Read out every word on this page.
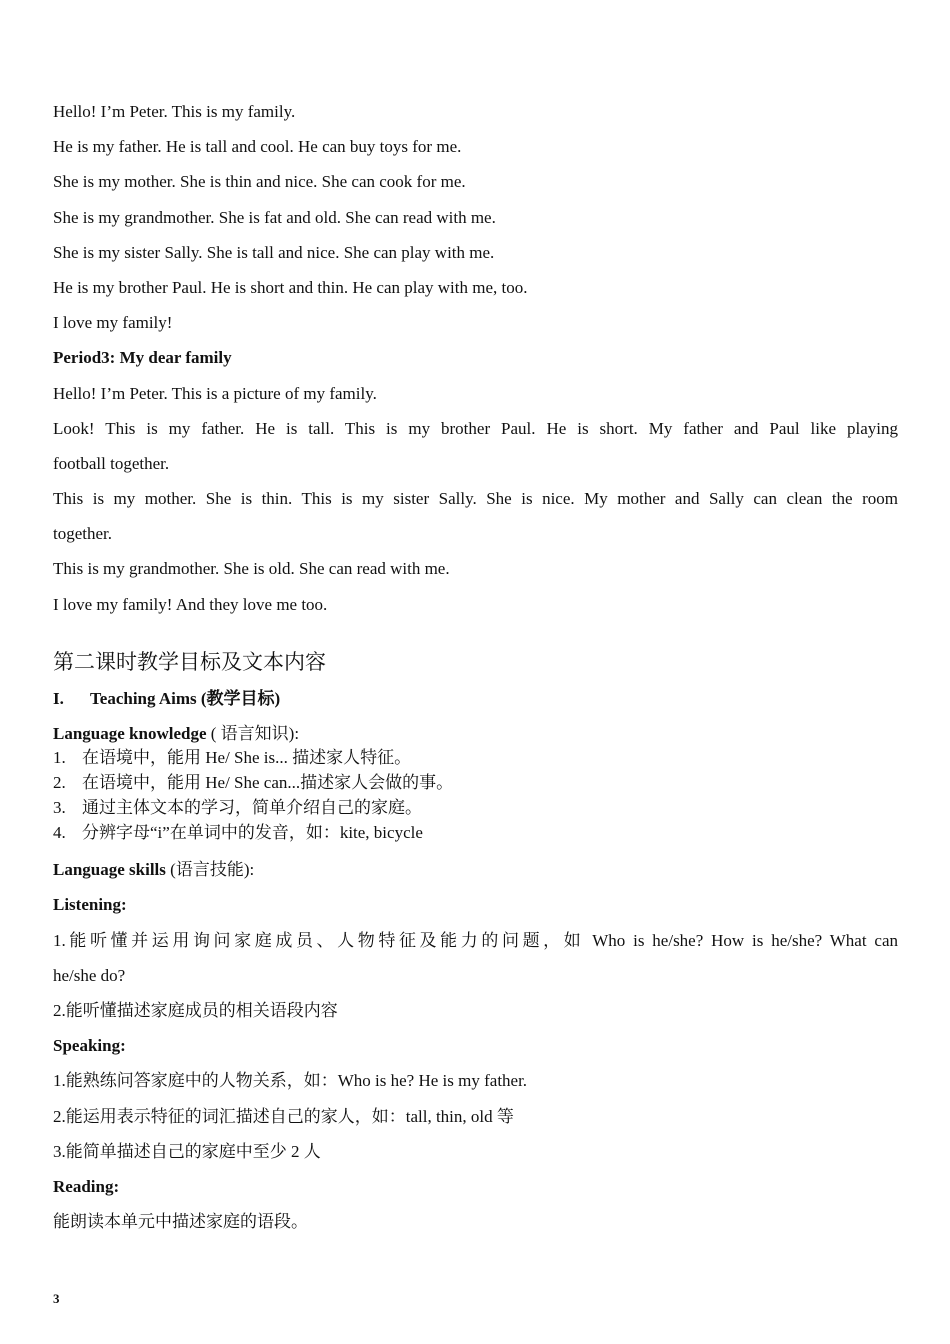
Hello! I’m Peter. This is my family.
He is my father. He is tall and cool. He can buy toys for me.
She is my mother. She is thin and nice. She can cook for me.
She is my grandmother. She is fat and old. She can read with me.
She is my sister Sally. She is tall and nice. She can play with me.
He is my brother Paul. He is short and thin. He can play with me, too.
I love my family!
Period3: My dear family
Hello! I’m Peter. This is a picture of my family.
Look! This is my father. He is tall. This is my brother Paul. He is short. My father and Paul like playing
football together.
This is my mother. She is thin. This is my sister Sally. She is nice. My mother and Sally can clean the room
together.
This is my grandmother. She is old. She can read with me.
I love my family! And they love me too.
第二课时教学目标及文本内容
I. Teaching Aims (教学目标)
Language knowledge ( 语言知识):
1. 在语境中，能用 He/ She is... 描述家人特征。
2. 在语境中，能用 He/ She can...描述家人会做的事。
3. 通过主体文本的学习，简单介绍自己的家庭。
4. 分辨字母“i”在单词中的发音，如：kite, bicycle
Language skills (语言技能):
Listening:
1.能听懂并运用询问家庭成员、人物特征及能力的问题，如 Who is he/she? How is he/she? What can
he/she do?
2.能听懂描述家庭成员的相关语段内容
Speaking:
1.能熟练问答家庭中的人物关系，如：Who is he? He is my father.
2.能运用表示特征的词汇描述自己的家人，如：tall, thin, old 等
3.能简单描述自己的家庭中至少 2 人
Reading:
能朗读本单元中描述家庭的语段。
3
